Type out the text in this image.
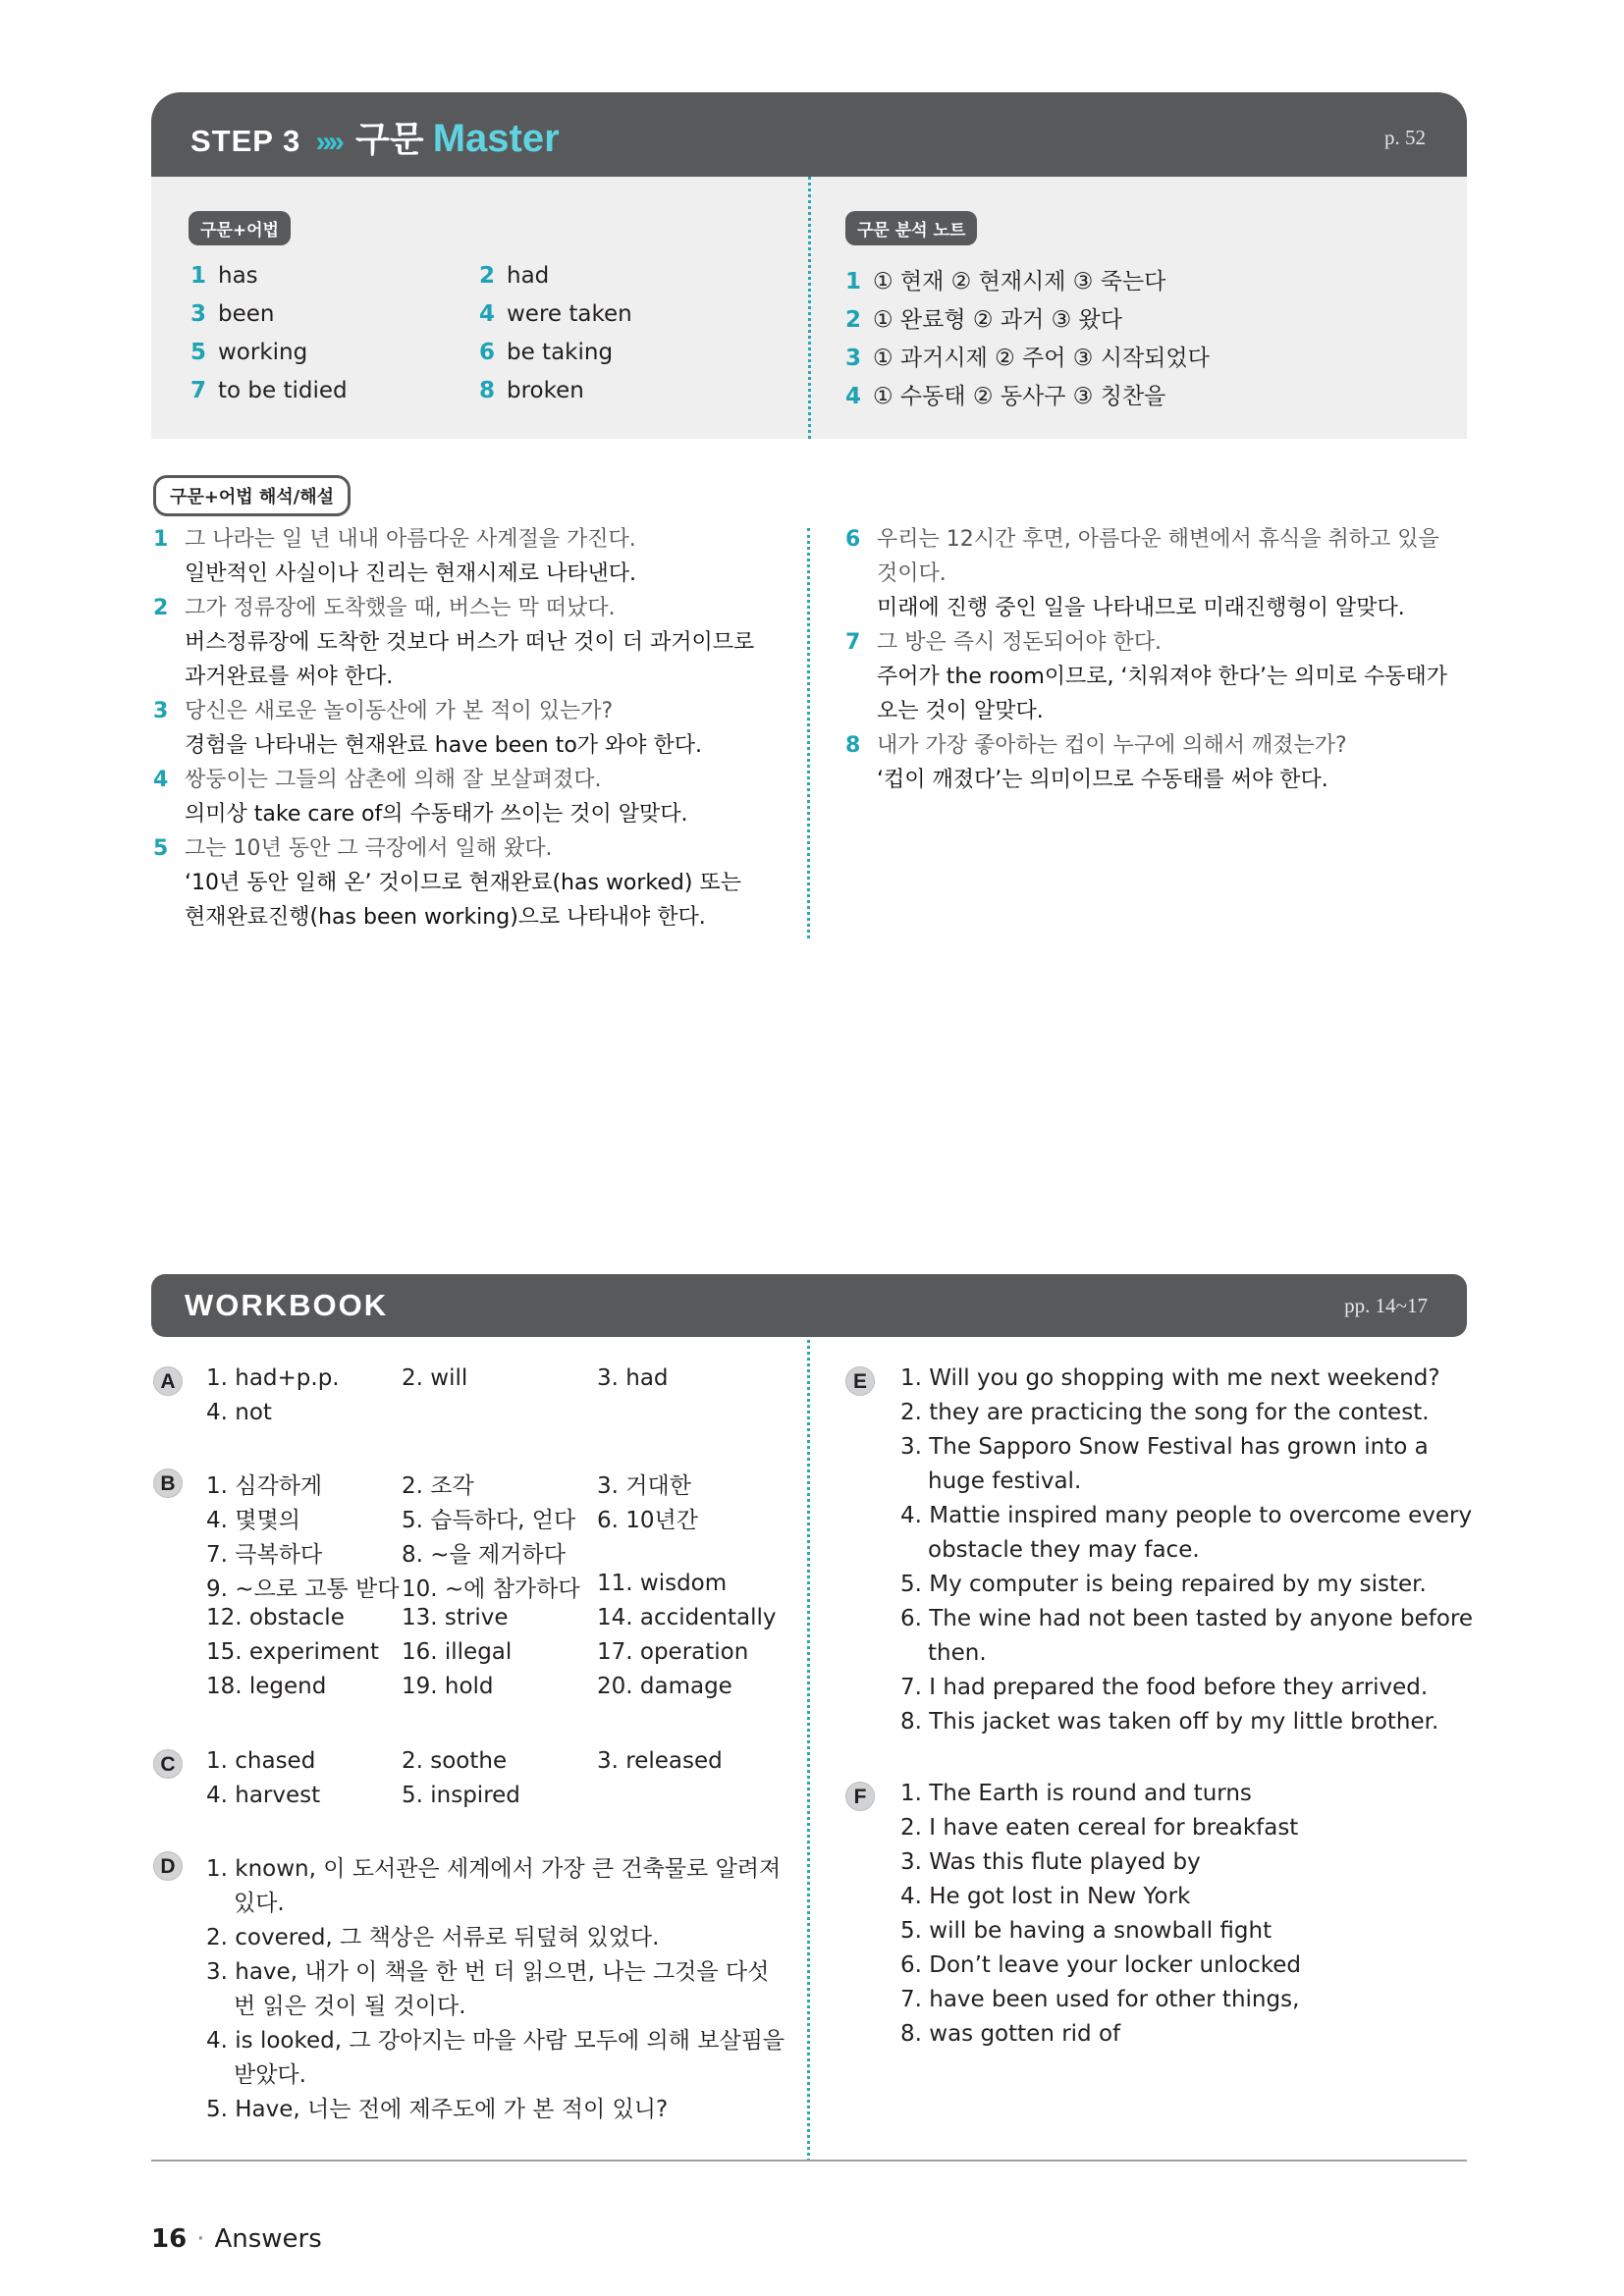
STEP 3 »» 구문 Master	p. 52
구문+어법	구문 분석 노트
1 has	2 had
3 been	4 were taken
5 working	6 be taking
7 to be tidied	8 broken
1 ① 현재 ② 현재시제 ③ 죽는다
2 ① 완료형 ② 과거 ③ 왔다
3 ① 과거시제 ② 주어 ③ 시작되었다
4 ① 수동태 ② 동사구 ③ 칭찬을
구문+어법 해석/해설
1 그 나라는 일 년 내내 아름다운 사계절을 가진다.
일반적인 사실이나 진리는 현재시제로 나타낸다.
2 그가 정류장에 도착했을 때, 버스는 막 떠났다.
버스정류장에 도착한 것보다 버스가 떠난 것이 더 과거이므로
과거완료를 써야 한다.
3 당신은 새로운 놀이동산에 가 본 적이 있는가?
경험을 나타내는 현재완료 have been to가 와야 한다.
4 쌍둥이는 그들의 삼촌에 의해 잘 보살펴졌다.
의미상 take care of의 수동태가 쓰이는 것이 알맞다.
5 그는 10년 동안 그 극장에서 일해 왔다.
‘10년 동안 일해 온’ 것이므로 현재완료(has worked) 또는
현재완료진행(has been working)으로 나타내야 한다.
6 우리는 12시간 후면, 아름다운 해변에서 휴식을 취하고 있을
것이다.
미래에 진행 중인 일을 나타내므로 미래진행형이 알맞다.
7 그 방은 즉시 정돈되어야 한다.
주어가 the room이므로, ‘치워져야 한다’는 의미로 수동태가
오는 것이 알맞다.
8 내가 가장 좋아하는 컵이 누구에 의해서 깨졌는가?
‘컵이 깨졌다’는 의미이므로 수동태를 써야 한다.
WORKBOOK	pp. 14~17
A	1. had+p.p.	2. will	3. had
4. not
B	1. 심각하게	2. 조각	3. 거대한
4. 몇몇의	5. 습득하다, 얻다 6. 10년간
7. 극복하다	8. ~을 제거하다
9. ~으로 고통 받다 10. ~에 참가하다 11. wisdom
12. obstacle	13. strive	14. accidentally
15. experiment 16. illegal	17. operation
18. legend	19. hold	20. damage
C	1. chased	2. soothe	3. released
4. harvest	5. inspired
D	1. known, 이 도서관은 세계에서 가장 큰 건축물로 알려져
있다.
2. covered, 그 책상은 서류로 뒤덮혀 있었다.
3. have, 내가 이 책을 한 번 더 읽으면, 나는 그것을 다섯
번 읽은 것이 될 것이다.
4. is looked, 그 강아지는 마을 사람 모두에 의해 보살핌을
받았다.
5. Have, 너는 전에 제주도에 가 본 적이 있니?
E	1. Will you go shopping with me next weekend?
2. they are practicing the song for the contest.
3. The Sapporo Snow Festival has grown into a
huge festival.
4. Mattie inspired many people to overcome every
obstacle they may face.
5. My computer is being repaired by my sister.
6. The wine had not been tasted by anyone before
then.
7. I had prepared the food before they arrived.
8. This jacket was taken off by my little brother.
F	1. The Earth is round and turns
2. I have eaten cereal for breakfast
3. Was this flute played by
4. He got lost in New York
5. will be having a snowball fight
6. Don’t leave your locker unlocked
7. have been used for other things,
8. was gotten rid of
16 · Answers
